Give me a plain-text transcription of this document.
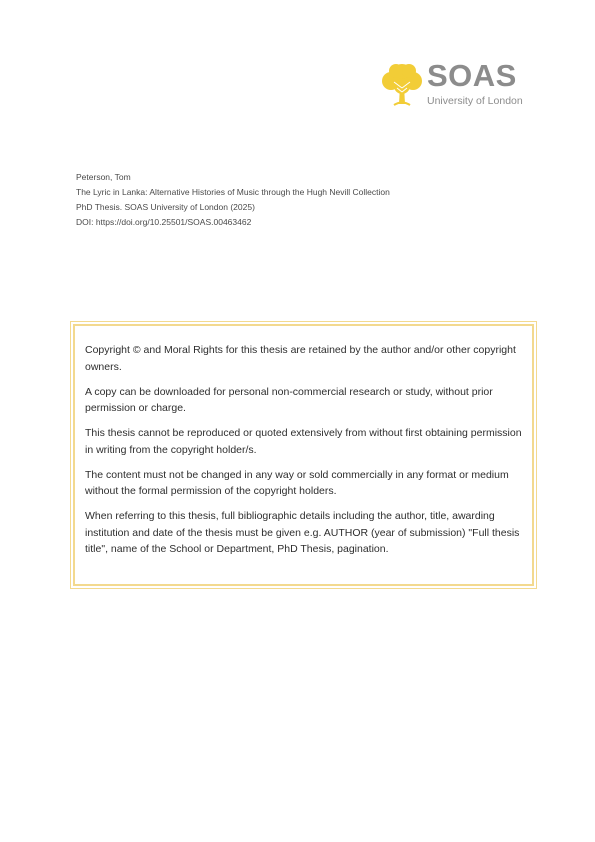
SOAS
University of London
Peterson, Tom
The Lyric in Lanka: Alternative Histories of Music through the Hugh Nevill Collection
PhD Thesis. SOAS University of London (2025)
DOI: https://doi.org/10.25501/SOAS.00463462

Copyright © and Moral Rights for this thesis are retained by the author and/or other copyright owners.

A copy can be downloaded for personal non-commercial research or study, without prior permission or charge.

This thesis cannot be reproduced or quoted extensively from without first obtaining permission in writing from the copyright holder/s.

The content must not be changed in any way or sold commercially in any format or medium without the formal permission of the copyright holders.

When referring to this thesis, full bibliographic details including the author, title, awarding institution and date of the thesis must be given e.g. AUTHOR (year of submission) "Full thesis title", name of the School or Department, PhD Thesis, pagination.
